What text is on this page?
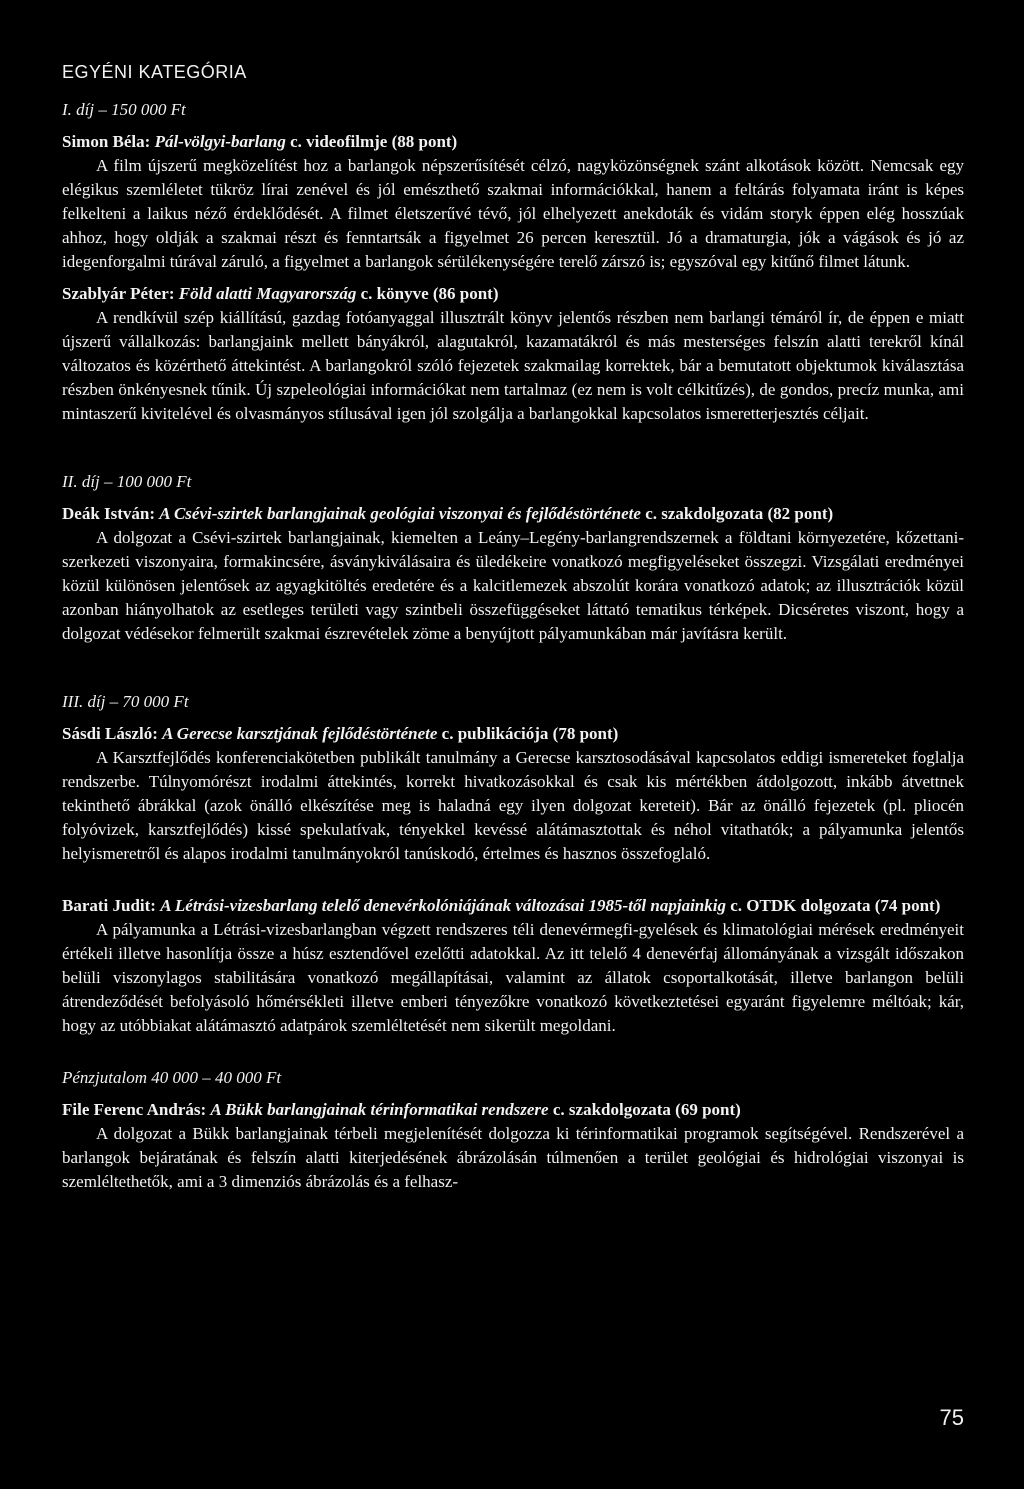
EGYÉNI KATEGÓRIA
I. díj – 150 000 Ft

Simon Béla: Pál-völgyi-barlang c. videofilmje (88 pont)

A film újszerű megközelítést hoz a barlangok népszerűsítését célzó, nagyközönségnek szánt alkotások között. Nemcsak egy elégikus szemléletet tükröz lírai zenével és jól emészthető szakmai információkkal, hanem a feltárás folyamata iránt is képes felkelteni a laikus néző érdeklődését. A filmet életszerűvé tévő, jól elhelyezett anekdoták és vidám storyk éppen elég hosszúak ahhoz, hogy oldják a szakmai részt és fenntartsák a figyelmet 26 percen keresztül. Jó a dramaturgia, jók a vágások és jó az idegenforgalmi túrával záruló, a figyelmet a barlangok sérülékenységére terelő zárszó is; egyszóval egy kitűnő filmet látunk.

Szablyár Péter: Föld alatti Magyarország c. könyve (86 pont)

A rendkívül szép kiállítású, gazdag fotóanyaggal illusztrált könyv jelentős részben nem barlangi témáról ír, de éppen e miatt újszerű vállalkozás: barlangjaink mellett bányákról, alagutakról, kazamatákról és más mesterséges felszín alatti terekről kínál változatos és közérthető áttekintést. A barlangokról szóló fejezetek szakmailag korrektek, bár a bemutatott objektumok kiválasztása részben önkényesnek tűnik. Új szpeleológiai információkat nem tartalmaz (ez nem is volt célkitűzés), de gondos, precíz munka, ami mintaszerű kivitelével és olvasmányos stílusával igen jól szolgálja a barlangokkal kapcsolatos ismeretterjesztés céljait.

II. díj – 100 000 Ft

Deák István: A Csévi-szirtek barlangjainak geológiai viszonyai és fejlődéstörténete c. szakdolgozata (82 pont)

A dolgozat a Csévi-szirtek barlangjainak, kiemelten a Leány–Legény-barlangrendszernek a földtani környezetére, kőzettani-szerkezeti viszonyaira, formakincsére, ásványkiválásaira és üledékeire vonatkozó megfigyeléseket összegzi. Vizsgálati eredményei közül különösen jelentősek az agyagkitöltés eredetére és a kalcitlemezek abszolút korára vonatkozó adatok; az illusztrációk közül azonban hiányolhatok az esetleges területi vagy szintbeli összefüggéseket láttató tematikus térképek. Dicséretes viszont, hogy a dolgozat védésekor felmerült szakmai észrevételek zöme a benyújtott pályamunkában már javításra került.

III. díj – 70 000 Ft

Sásdi László: A Gerecse karsztjának fejlődéstörténete c. publikációja (78 pont)

A Karsztfejlődés konferenciakötetben publikált tanulmány a Gerecse karsztosodásával kapcsolatos eddigi ismereteket foglalja rendszerbe. Túlnyomórészt irodalmi áttekintés, korrekt hivatkozásokkal és csak kis mértékben átdolgozott, inkább átvettnek tekinthető ábrákkal (azok önálló elkészítése meg is haladná egy ilyen dolgozat kereteit). Bár az önálló fejezetek (pl. pliocén folyóvizek, karsztfejlődés) kissé spekulatívak, tényekkel kevéssé alátámasztottak és néhol vitathatók; a pályamunka jelentős helyismeretről és alapos irodalmi tanulmányokról tanúskodó, értelmes és hasznos összefoglaló.

Barati Judit: A Létrási-vizesbarlang telelő denevérkolóniájának változásai 1985-től napjainkig c. OTDK dolgozata (74 pont)

A pályamunka a Létrási-vizesbarlangban végzett rendszeres téli denevérmegfi-gyelések és klimatológiai mérések eredményeit értékeli illetve hasonlítja össze a húsz esztendővel ezelőtti adatokkal. Az itt telelő 4 denevérfaj állományának a vizsgált időszakon belüli viszonylagos stabilitására vonatkozó megállapításai, valamint az állatok csoportalkotását, illetve barlangon belüli átrendeződését befolyásoló hőmérsékleti illetve emberi tényezőkre vonatkozó következtetései egyaránt figyelemre méltóak; kár, hogy az utóbbiakat alátámasztó adatpárok szemléltetését nem sikerült megoldani.

Pénzjutalom 40 000 – 40 000 Ft

File Ferenc András: A Bükk barlangjainak térinformatikai rendszere c. szakdolgozata (69 pont)

A dolgozat a Bükk barlangjainak térbeli megjelenítését dolgozza ki térinformatikai programok segítségével. Rendszerével a barlangok bejáratának és felszín alatti kiterjedésének ábrázolásán túlmenően a terület geológiai és hidrológiai viszonyai is szemléltethetők, ami a 3 dimenziós ábrázolás és a felhasz-

75
